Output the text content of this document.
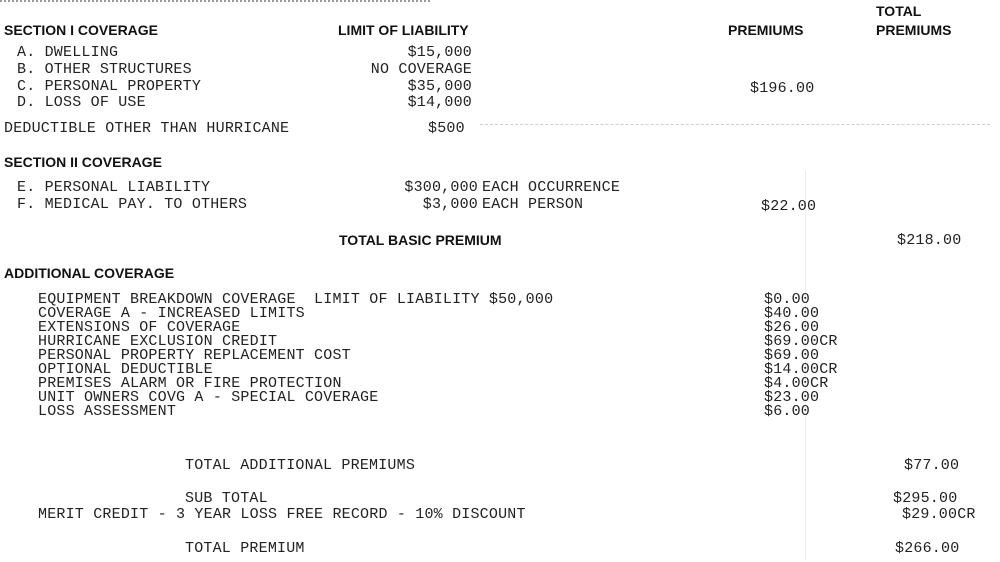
SECTION I COVERAGE	LIMIT OF LIABILITY	PREMIUMS
TOTAL
PREMIUMS
A. DWELLING	$15,000
B. OTHER STRUCTURES	NO COVERAGE
C. PERSONAL PROPERTY	$35,000	$196.00
D. LOSS OF USE	$14,000
DEDUCTIBLE OTHER THAN HURRICANE	$500
SECTION II COVERAGE
E. PERSONAL LIABILITY	$300,000 EACH OCCURRENCE
F. MEDICAL PAY. TO OTHERS	$3,000 EACH PERSON	$22.00
TOTAL BASIC PREMIUM	$218.00
ADDITIONAL COVERAGE
EQUIPMENT BREAKDOWN COVERAGE  LIMIT OF LIABILITY $50,000	$0.00
COVERAGE A - INCREASED LIMITS	$40.00
EXTENSIONS OF COVERAGE	$26.00
HURRICANE EXCLUSION CREDIT	$69.00CR
PERSONAL PROPERTY REPLACEMENT COST	$69.00
OPTIONAL DEDUCTIBLE	$14.00CR
PREMISES ALARM OR FIRE PROTECTION	$4.00CR
UNIT OWNERS COVG A - SPECIAL COVERAGE	$23.00
LOSS ASSESSMENT	$6.00
TOTAL ADDITIONAL PREMIUMS	$77.00
SUB TOTAL	$295.00
MERIT CREDIT - 3 YEAR LOSS FREE RECORD - 10% DISCOUNT	$29.00CR
TOTAL PREMIUM	$266.00
